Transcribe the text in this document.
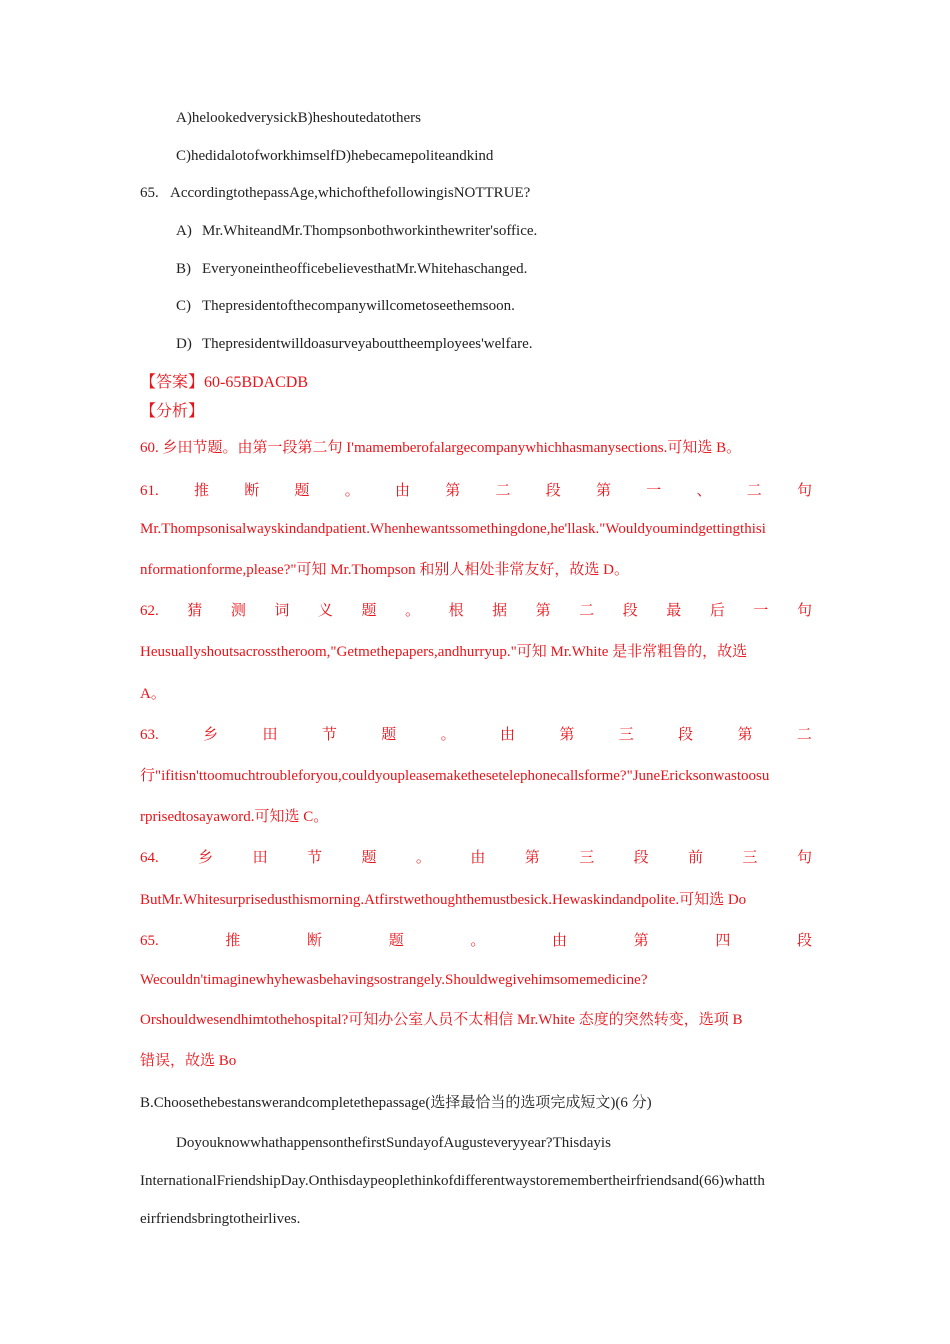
A)helookedverysickB)heshoutedatothers
C)hedidalotofworkhimselfD)hebecamepoliteandkind
65. AccordingtothepassAge,whichofthefollowingisNOTTRUE?
A) Mr.WhiteandMr.Thompsonbothworkinthewriter'soffice.
B) EveryoneintheofficebelievesthatMr.Whitehaschanged.
C) Thepresidentofthecompanywillcometoseethemsoon.
D) Thepresidentwilldoasurveyabouttheemployees'welfare.
【答案】60-65BDACDB
【分析】
60. 乡田节题。由第一段第二句 I'mamemberofalargecompanywhichhasmanysections.可知选 B。
61. 推 断 题 。 由 第 二 段 第 一 、 二 句
Mr.Thompsonisalwayskindandpatient.Whenhewantssomethingdone,he'llask."Wouldyoumindgettingthisi
nformationforme,please?"可知 Mr.Thompson 和别人相处非常友好，故选 D。
62. 猜 测 词 义 题 。 根 据 第 二 段 最 后 一 句
Heusuallyshoutsacrosstheroom,"Getmethepapers,andhurryup."可知 Mr.White 是非常粗鲁的，故选
A。
63.	乡	田	节	题	。	由	第	三	段	第	二
行"ifitisn'ttoomuchtroubleforyou,couldyoupleasemakethesetelephonecallsforme?"JuneEricksonwastoosu
rprisedtosayaword.可知选 C。
64.	乡	田	节	题	。	由	第	三	段	前	三	句
ButMr.Whitesurprisedusthismorning.Atfirstwethoughthemustbesick.Hewaskindandpolite.可知选 Do
65.	推	断	题	。	由	第	四	段
Wecouldn'timaginewhyhewasbehavingsostrangely.Shouldwegivehimsomemedicine?
Orshouldwesendhimtothehospital?可知办公室人员不太相信 Mr.White 态度的突然转变，选项 B
错误，故选 Bo
B.Choosethebestanswerandcompletethepassage(选择最恰当的选项完成短文)(6 分)
DoyouknowwhathappensonthefirstSundayofAugusteveryyear?Thisdayis
InternationalFriendshipDay.Onthisdaypeoplethinkofdifferentwaystoremembertheirfriendsand(66)whatth
eirfriendsbringtotheirlives.
